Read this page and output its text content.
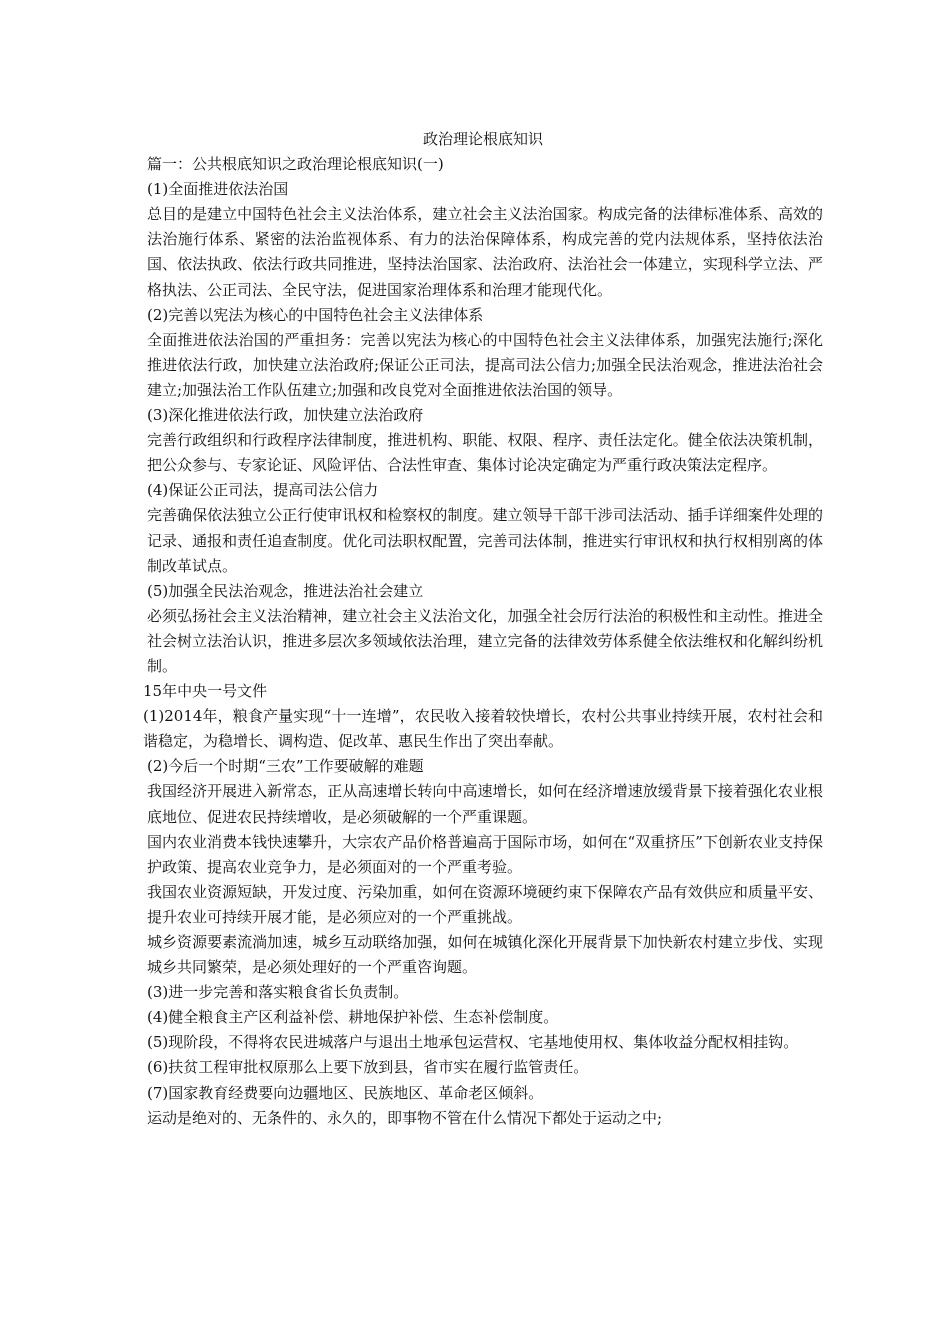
政治理论根底知识

篇一：公共根底知识之政治理论根底知识(一)

(1)全面推进依法治国

总目的是建立中国特色社会主义法治体系，建立社会主义法治国家。构成完备的法律标准体系、高效的法治施行体系、紧密的法治监视体系、有力的法治保障体系，构成完善的党内法规体系，坚持依法治国、依法执政、依法行政共同推进，坚持法治国家、法治政府、法治社会一体建立，实现科学立法、严格执法、公正司法、全民守法，促进国家治理体系和治理才能现代化。

(2)完善以宪法为核心的中国特色社会主义法律体系

全面推进依法治国的严重担务：完善以宪法为核心的中国特色社会主义法律体系，加强宪法施行;深化推进依法行政，加快建立法治政府;保证公正司法，提高司法公信力;加强全民法治观念，推进法治社会建立;加强法治工作队伍建立;加强和改良党对全面推进依法治国的领导。

(3)深化推进依法行政，加快建立法治政府

完善行政组织和行政程序法律制度，推进机构、职能、权限、程序、责任法定化。健全依法决策机制，把公众参与、专家论证、风险评估、合法性审查、集体讨论决定确定为严重行政决策法定程序。

(4)保证公正司法，提高司法公信力

完善确保依法独立公正行使审讯权和检察权的制度。建立领导干部干涉司法活动、插手详细案件处理的记录、通报和责任追查制度。优化司法职权配置，完善司法体制，推进实行审讯权和执行权相别离的体制改革试点。

(5)加强全民法治观念，推进法治社会建立

必须弘扬社会主义法治精神，建立社会主义法治文化，加强全社会厉行法治的积极性和主动性。推进全社会树立法治认识，推进多层次多领域依法治理，建立完备的法律效劳体系健全依法维权和化解纠纷机制。

15年中央一号文件

(1)2014年，粮食产量实现“十一连增”，农民收入接着较快增长，农村公共事业持续开展，农村社会和谐稳定，为稳增长、调构造、促改革、惠民生作出了突出奉献。

(2)今后一个时期“三农”工作要破解的难题

我国经济开展进入新常态，正从高速增长转向中高速增长，如何在经济增速放缓背景下接着强化农业根底地位、促进农民持续增收，是必须破解的一个严重课题。

国内农业消费本钱快速攀升，大宗农产品价格普遍高于国际市场，如何在“双重挤压”下创新农业支持保护政策、提高农业竞争力，是必须面对的一个严重考验。

我国农业资源短缺，开发过度、污染加重，如何在资源环境硬约束下保障农产品有效供应和质量平安、提升农业可持续开展才能，是必须应对的一个严重挑战。

城乡资源要素流淌加速，城乡互动联络加强，如何在城镇化深化开展背景下加快新农村建立步伐、实现城乡共同繁荣，是必须处理好的一个严重咨询题。

(3)进一步完善和落实粮食省长负责制。

(4)健全粮食主产区利益补偿、耕地保护补偿、生态补偿制度。

(5)现阶段，不得将农民进城落户与退出土地承包运营权、宅基地使用权、集体收益分配权相挂钩。

(6)扶贫工程审批权原那么上要下放到县，省市实在履行监管责任。

(7)国家教育经费要向边疆地区、民族地区、革命老区倾斜。

运动是绝对的、无条件的、永久的，即事物不管在什么情况下都处于运动之中;
